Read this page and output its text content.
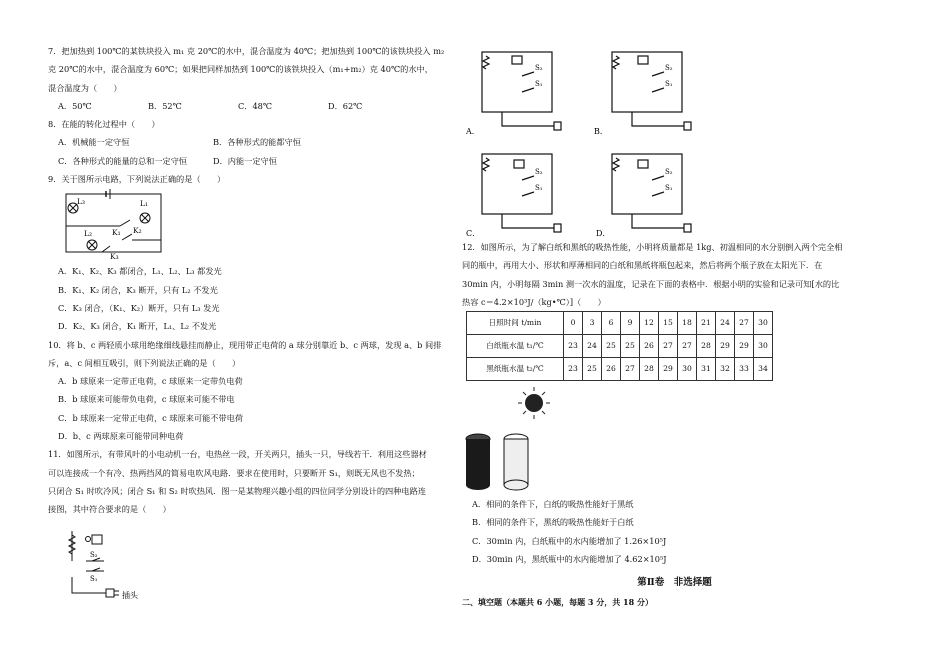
7．把加热到 100℃的某铁块投入 m₁ 克 20℃的水中，混合温度为 40℃；把加热到 100℃的该铁块投入 m₂

克 20℃的水中，混合温度为 60℃；如果把同样加热到 100℃的该铁块投入（m₁+m₂）克 40℃的水中，

混合温度为（　　）

A．50℃	B．52℃	C．48℃	D．62℃

8．在能的转化过程中（　　）

A．机械能一定守恒	B．各种形式的能都守恒
C．各种形式的能量的总和一定守恒	D．内能一定守恒

9．关于图所示电路，下列说法正确的是（　　）

L₃	L₁
K₁
L₂	K₂
K₃

A．K₁、K₂、K₃ 都闭合，L₁、L₂、L₃ 都发光

B．K₁、K₂ 闭合，K₃ 断开，只有 L₂ 不发光

C．K₃ 闭合，（K₁、K₂）断开，只有 L₃ 发光

D．K₂、K₃ 闭合，K₁ 断开，L₁、L₂ 不发光

10．将 b、c 两轻质小球用绝缘细线悬挂而静止，现用带正电荷的 a 球分别靠近 b、c 两球，发现 a、b 间排

斥，a、c 间相互吸引，则下列说法正确的是（　　）

A．b 球原来一定带正电荷，c 球原来一定带负电荷

B．b 球原来可能带负电荷，c 球原来可能不带电

C．b 球原来一定带正电荷，c 球原来可能不带电荷

D．b、c 两球原来可能带同种电荷

11．如图所示，有带风叶的小电动机一台，电热丝一段，开关两只，插头一只，导线若干．利用这些器材

可以连接成一个有冷、热两挡风的简易电吹风电路．要求在使用时，只要断开 S₁，则既无风也不发热；

只闭合 S₁ 时吹冷风；闭合 S₁ 和 S₂ 时吹热风．图一是某物理兴趣小组的四位同学分别设计的四种电路连

接图，其中符合要求的是（　　）

S₂
S₁
插头
S₂
S₁
S₂
S₁
S₂
S₁
S₂
S₁
A．	B．
C．	D．

12．如图所示，为了解白纸和黑纸的吸热性能，小明将质量都是 1kg、初温相同的水分别倒入两个完全相

同的瓶中，再用大小、形状和厚薄相同的白纸和黑纸将瓶包起来，然后将两个瓶子放在太阳光下．在

30min 内，小明每隔 3min 测一次水的温度，记录在下面的表格中．根据小明的实验和记录可知[水的比

热容 c＝4.2×10³J/（kg•℃）]（　　）

日照时间 t/min	0	3	6	9	12	15	18	21	24	27	30
白纸瓶水温 t₁/℃	23	24	25	25	26	27	27	28	29	29	30
黑纸瓶水温 t₂/℃	23	25	26	27	28	29	30	31	32	33	34

A．相同的条件下，白纸的吸热性能好于黑纸

B．相同的条件下，黑纸的吸热性能好于白纸

C．30min 内，白纸瓶中的水内能增加了 1.26×10⁵J

D．30min 内，黑纸瓶中的水内能增加了 4.62×10⁵J

第Ⅱ卷　非选择题
二、填空题（本题共 6 小题，每题 3 分，共 18 分）
